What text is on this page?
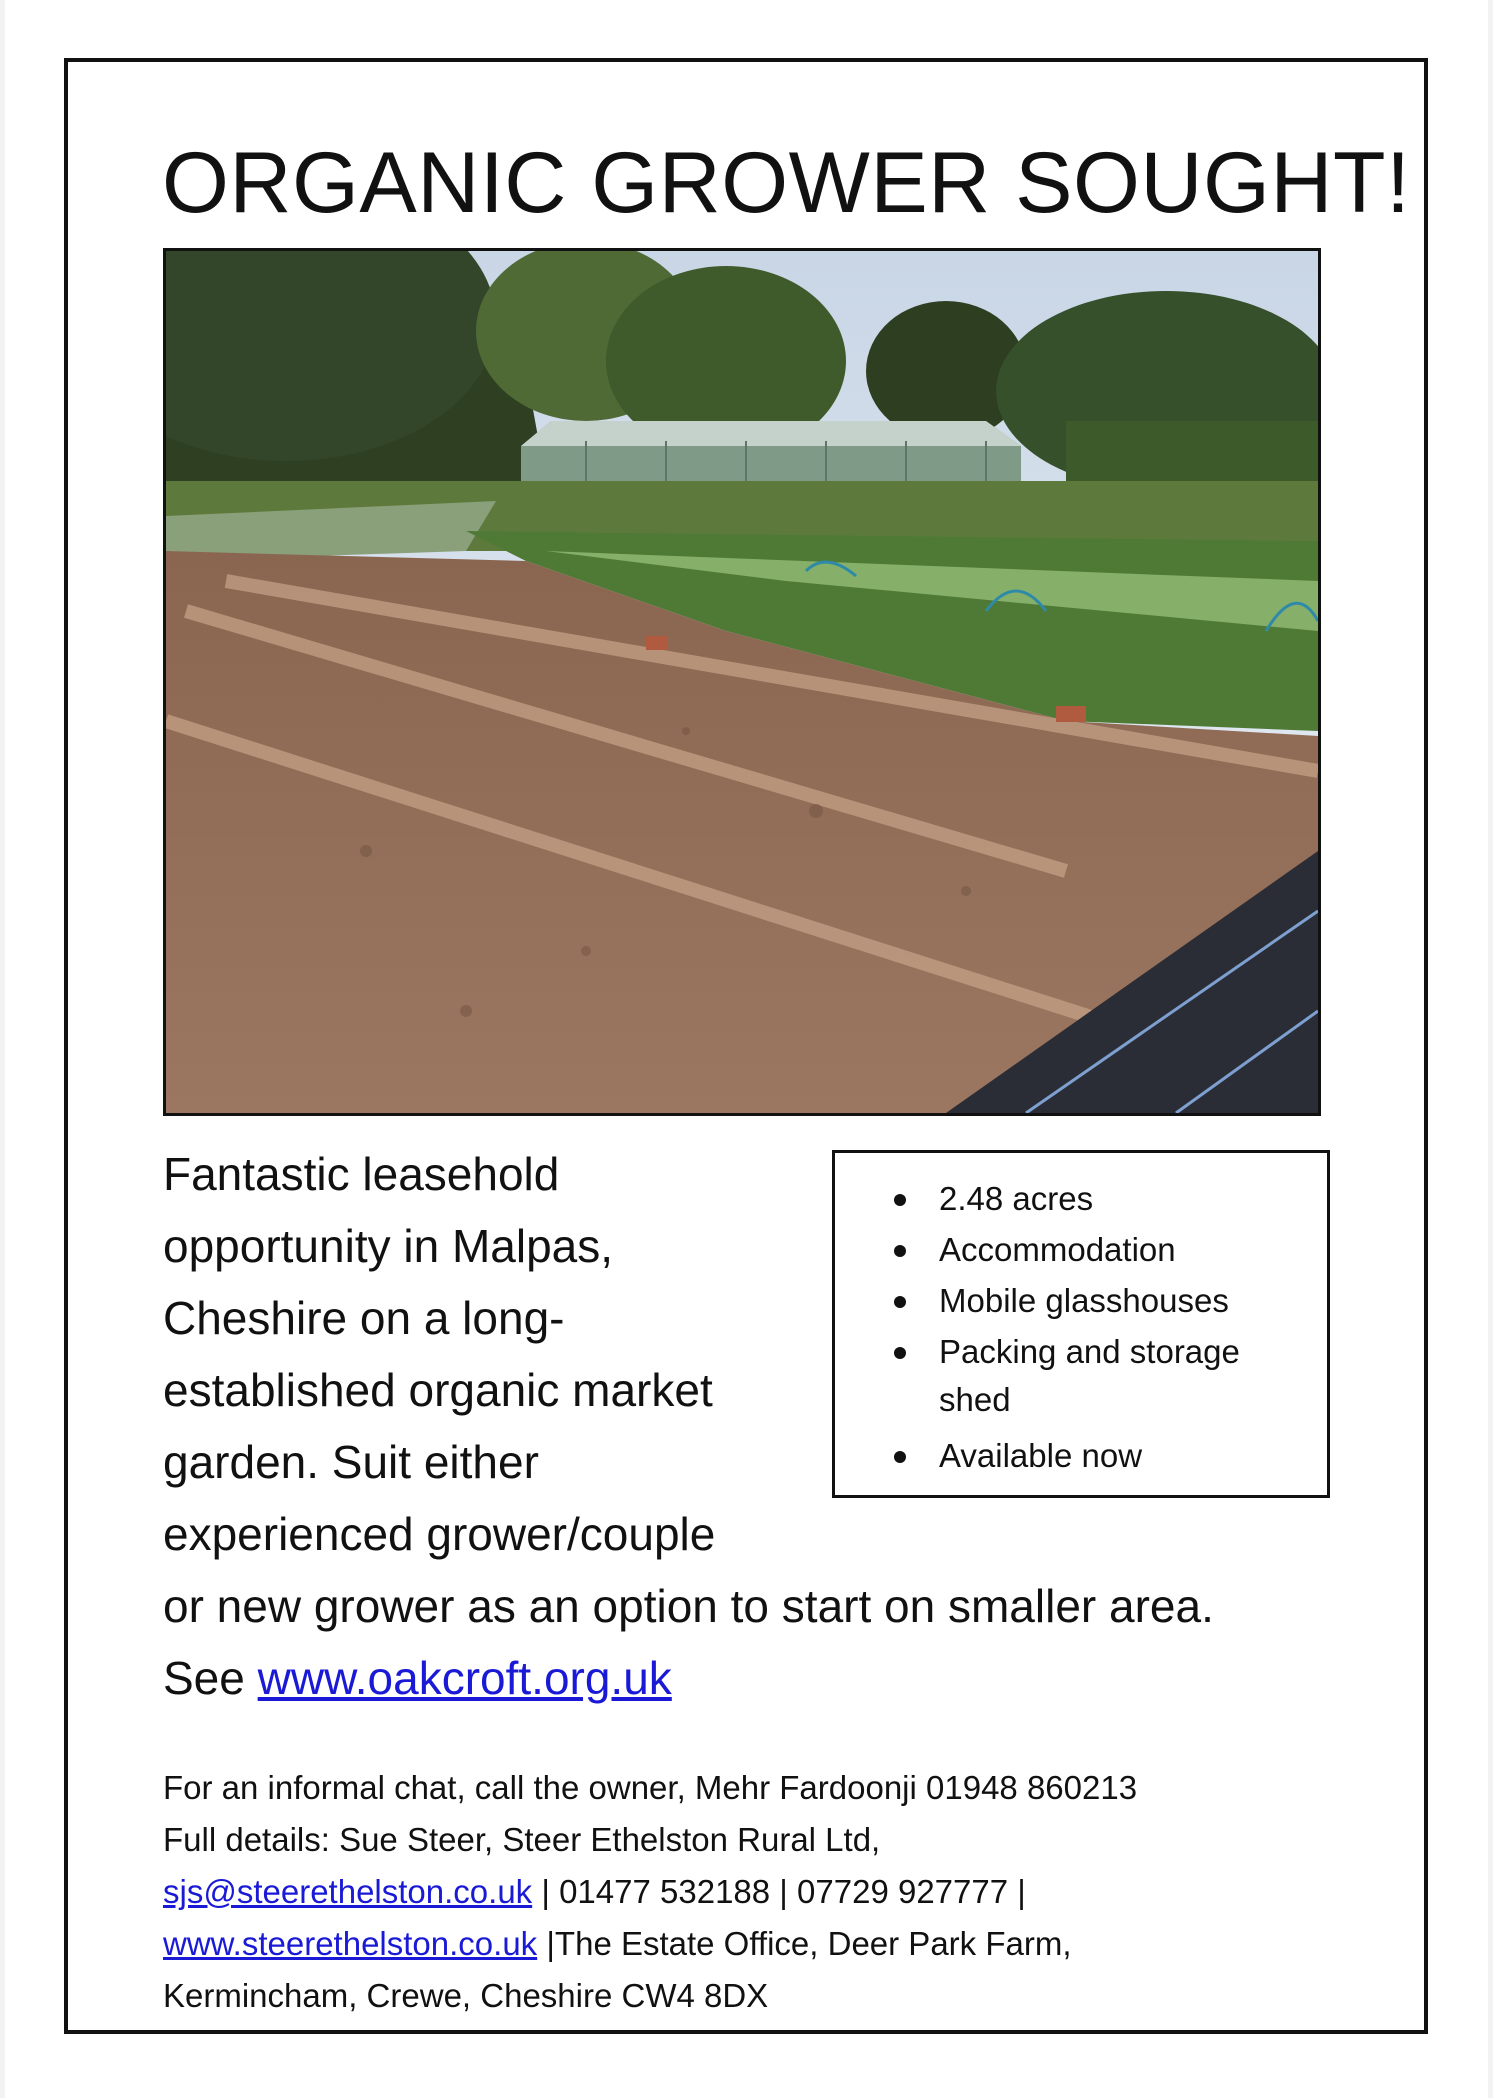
ORGANIC GROWER SOUGHT!
Fantastic leasehold
opportunity in Malpas,
Cheshire on a long-
established organic market
garden. Suit either
experienced grower/couple
or new grower as an option to start on smaller area.
See www.oakcroft.org.uk
2.48 acres
Accommodation
Mobile glasshouses
Packing and storage shed
Available now
For an informal chat, call the owner, Mehr Fardoonji 01948 860213
Full details: Sue Steer, Steer Ethelston Rural Ltd,
sjs@steerethelston.co.uk | 01477 532188 | 07729 927777 |
www.steerethelston.co.uk |The Estate Office, Deer Park Farm,
Kermincham, Crewe, Cheshire CW4 8DX
